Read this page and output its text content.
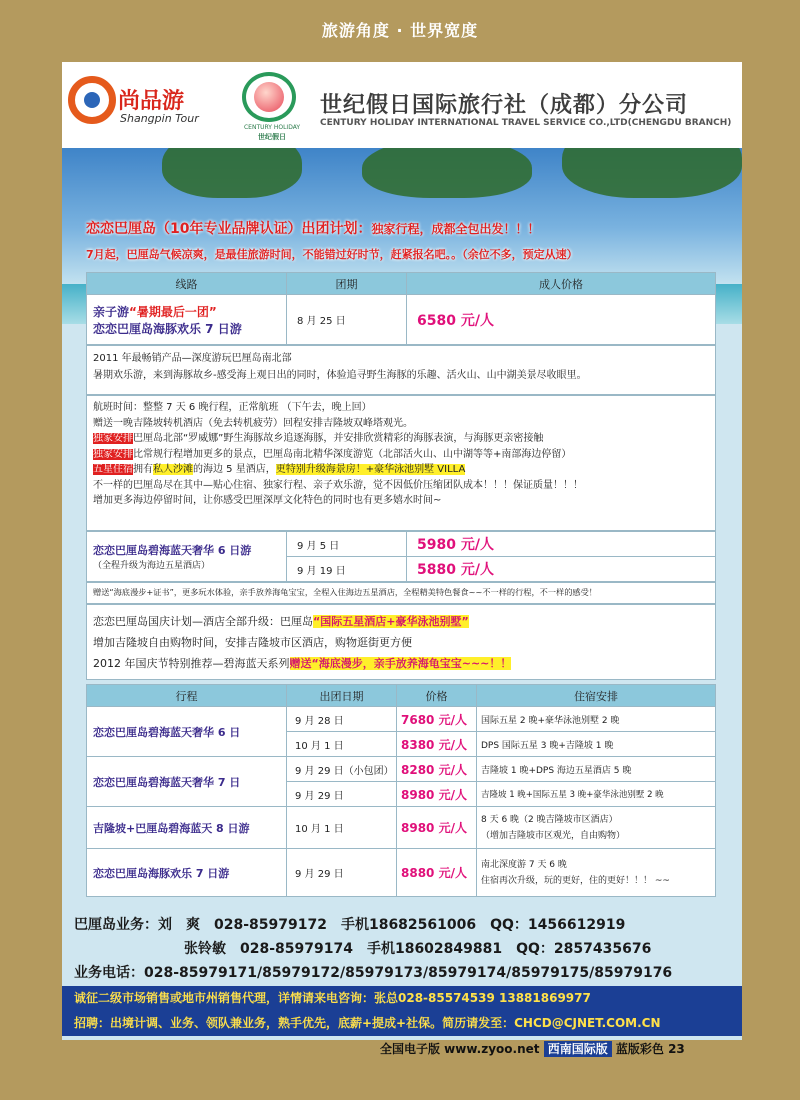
旅游角度 · 世界宽度
尚品游
Shangpin Tour
CENTURY HOLIDAY
世纪假日
世纪假日国际旅行社（成都）分公司
CENTURY HOLIDAY INTERNATIONAL TRAVEL SERVICE CO.,LTD(CHENGDU BRANCH)
恋恋巴厘岛（10年专业品牌认证）出团计划：独家行程，成都全包出发！！！
7月起，巴厘岛气候凉爽，是最佳旅游时间，不能错过好时节，赶紧报名吧。。（余位不多，预定从速）
线路	团期	成人价格

亲子游“暑期最后一团”
恋恋巴厘岛海豚欢乐 7 日游	8 月 25 日	6580 元/人
2011 年最畅销产品—深度游玩巴厘岛南北部
暑期欢乐游，来到海豚故乡-感受海上观日出的同时，体验追寻野生海豚的乐趣、活火山、山中湖美景尽收眼里。
航班时间：整整 7 天 6 晚行程，正常航班 （下午去，晚上回）
赠送一晚吉隆坡转机酒店（免去转机疲劳）回程安排吉隆坡双峰塔观光。
独家安排巴厘岛北部“罗威娜”野生海豚故乡追逐海豚，并安排欣赏精彩的海豚表演，与海豚更亲密接触
独家安排比常规行程增加更多的景点，巴厘岛南北精华深度游览（北部活火山、山中湖等等+南部海边停留）
五星住宿拥有私人沙滩的海边 5 星酒店，更特别升级海景房！+豪华泳池别墅 VILLA
不一样的巴厘岛尽在其中—贴心住宿、独家行程、亲子欢乐游，觉不因低价压缩团队成本！！！保证质量！！！
增加更多海边停留时间，让你感受巴厘深厚文化特色的同时也有更多嬉水时间~
恋恋巴厘岛碧海蓝天奢华 6 日游
（全程升级为海边五星酒店）	9 月 5 日	5980 元/人
	9 月 19 日	5880 元/人
赠送“海底漫步+证书”，更多玩水体验，亲手放养海龟宝宝，全程入住海边五星酒店，全程精美特色餐食~~不一样的行程，不一样的感受！
恋恋巴厘岛国庆计划—酒店全部升级：巴厘岛“国际五星酒店+豪华泳池别墅”
增加吉隆坡自由购物时间，安排吉隆坡市区酒店，购物逛街更方便
2012 年国庆节特别推荐—碧海蓝天系列赠送“海底漫步，亲手放养海龟宝宝~~~！！
行程	出团日期	价格	住宿安排
恋恋巴厘岛碧海蓝天奢华 6 日	9 月 28 日	7680 元/人	国际五星 2 晚+豪华泳池别墅 2 晚
	10 月 1 日	8380 元/人	DPS 国际五星 3 晚+吉隆坡 1 晚
恋恋巴厘岛碧海蓝天奢华 7 日	9 月 29 日（小包团）	8280 元/人	吉隆坡 1 晚+DPS 海边五星酒店 5 晚
	9 月 29 日	8980 元/人	吉隆坡 1 晚+国际五星 3 晚+豪华泳池别墅 2 晚
吉隆坡+巴厘岛碧海蓝天 8 日游	10 月 1 日	8980 元/人	8 天 6 晚（2 晚吉隆坡市区酒店）
（增加吉隆坡市区观光，自由购物）

恋恋巴厘岛海豚欢乐 7 日游	9 月 29 日	8880 元/人	南北深度游 7 天 6 晚
住宿再次升级，玩的更好，住的更好！！！ ~~
巴厘岛业务：刘　爽　028-85979172　手机18682561006　QQ：1456612919
张铃敏　028-85979174　手机18602849881　QQ：2857435676
业务电话：028-85979171/85979172/85979173/85979174/85979175/85979176
诚征二级市场销售或地市州销售代理，详情请来电咨询：张总028-85574539 13881869977
招聘：出境计调、业务、领队兼业务，熟手优先，底薪+提成+社保。简历请发至：CHCD@CJNET.COM.CN
全国电子版 www.zyoo.net 西南国际版 蓝版彩色 23
